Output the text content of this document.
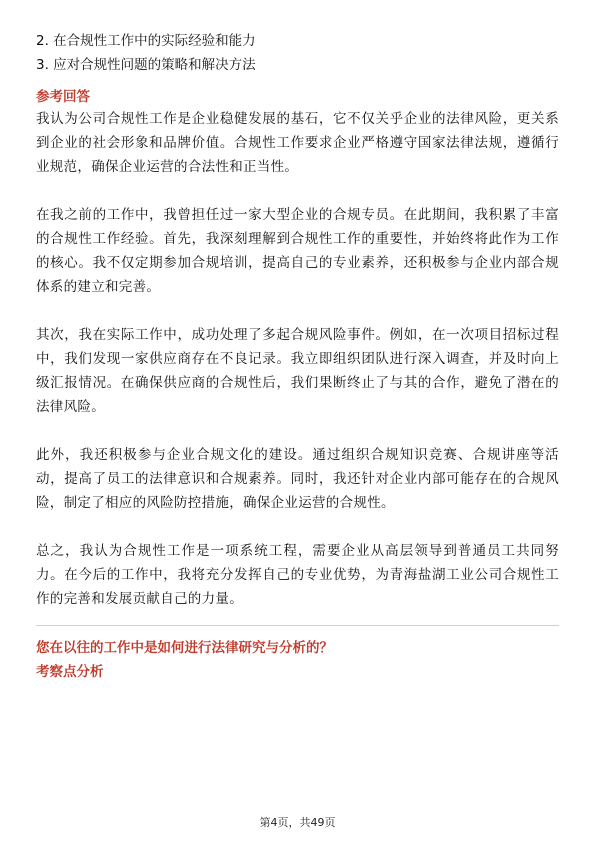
2. 在合规性工作中的实际经验和能力
3. 应对合规性问题的策略和解决方法
参考回答

我认为公司合规性工作是企业稳健发展的基石，它不仅关乎企业的法律风险，更关系到企业的社会形象和品牌价值。合规性工作要求企业严格遵守国家法律法规，遵循行业规范，确保企业运营的合法性和正当性。

在我之前的工作中，我曾担任过一家大型企业的合规专员。在此期间，我积累了丰富的合规性工作经验。首先，我深刻理解到合规性工作的重要性，并始终将此作为工作的核心。我不仅定期参加合规培训，提高自己的专业素养，还积极参与企业内部合规体系的建立和完善。

其次，我在实际工作中，成功处理了多起合规风险事件。例如，在一次项目招标过程中，我们发现一家供应商存在不良记录。我立即组织团队进行深入调查，并及时向上级汇报情况。在确保供应商的合规性后，我们果断终止了与其的合作，避免了潜在的法律风险。

此外，我还积极参与企业合规文化的建设。通过组织合规知识竞赛、合规讲座等活动，提高了员工的法律意识和合规素养。同时，我还针对企业内部可能存在的合规风险，制定了相应的风险防控措施，确保企业运营的合规性。

总之，我认为合规性工作是一项系统工程，需要企业从高层领导到普通员工共同努力。在今后的工作中，我将充分发挥自己的专业优势，为青海盐湖工业公司合规性工作的完善和发展贡献自己的力量。

您在以往的工作中是如何进行法律研究与分析的？
考察点分析
第4页，共49页
